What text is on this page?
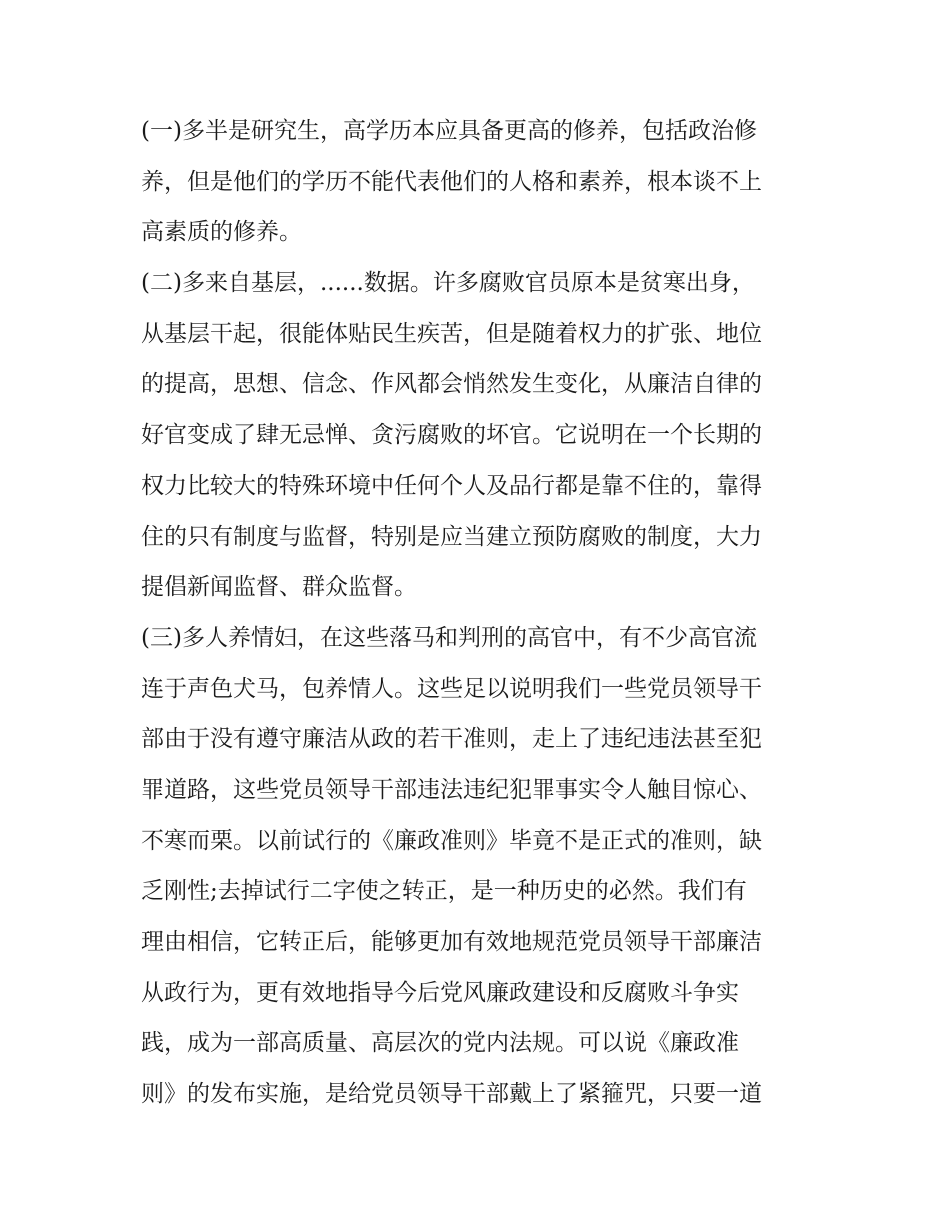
(一)多半是研究生，高学历本应具备更高的修养，包括政治修
养，但是他们的学历不能代表他们的人格和素养，根本谈不上
高素质的修养。
(二)多来自基层，......数据。许多腐败官员原本是贫寒出身，
从基层干起，很能体贴民生疾苦，但是随着权力的扩张、地位
的提高，思想、信念、作风都会悄然发生变化，从廉洁自律的
好官变成了肆无忌惮、贪污腐败的坏官。它说明在一个长期的
权力比较大的特殊环境中任何个人及品行都是靠不住的，靠得
住的只有制度与监督，特别是应当建立预防腐败的制度，大力
提倡新闻监督、群众监督。
(三)多人养情妇，在这些落马和判刑的高官中，有不少高官流
连于声色犬马，包养情人。这些足以说明我们一些党员领导干
部由于没有遵守廉洁从政的若干准则，走上了违纪违法甚至犯
罪道路，这些党员领导干部违法违纪犯罪事实令人触目惊心、
不寒而栗。以前试行的《廉政准则》毕竟不是正式的准则，缺
乏刚性;去掉试行二字使之转正，是一种历史的必然。我们有
理由相信，它转正后，能够更加有效地规范党员领导干部廉洁
从政行为，更有效地指导今后党风廉政建设和反腐败斗争实
践，成为一部高质量、高层次的党内法规。可以说《廉政准
则》的发布实施，是给党员领导干部戴上了紧箍咒，只要一道
